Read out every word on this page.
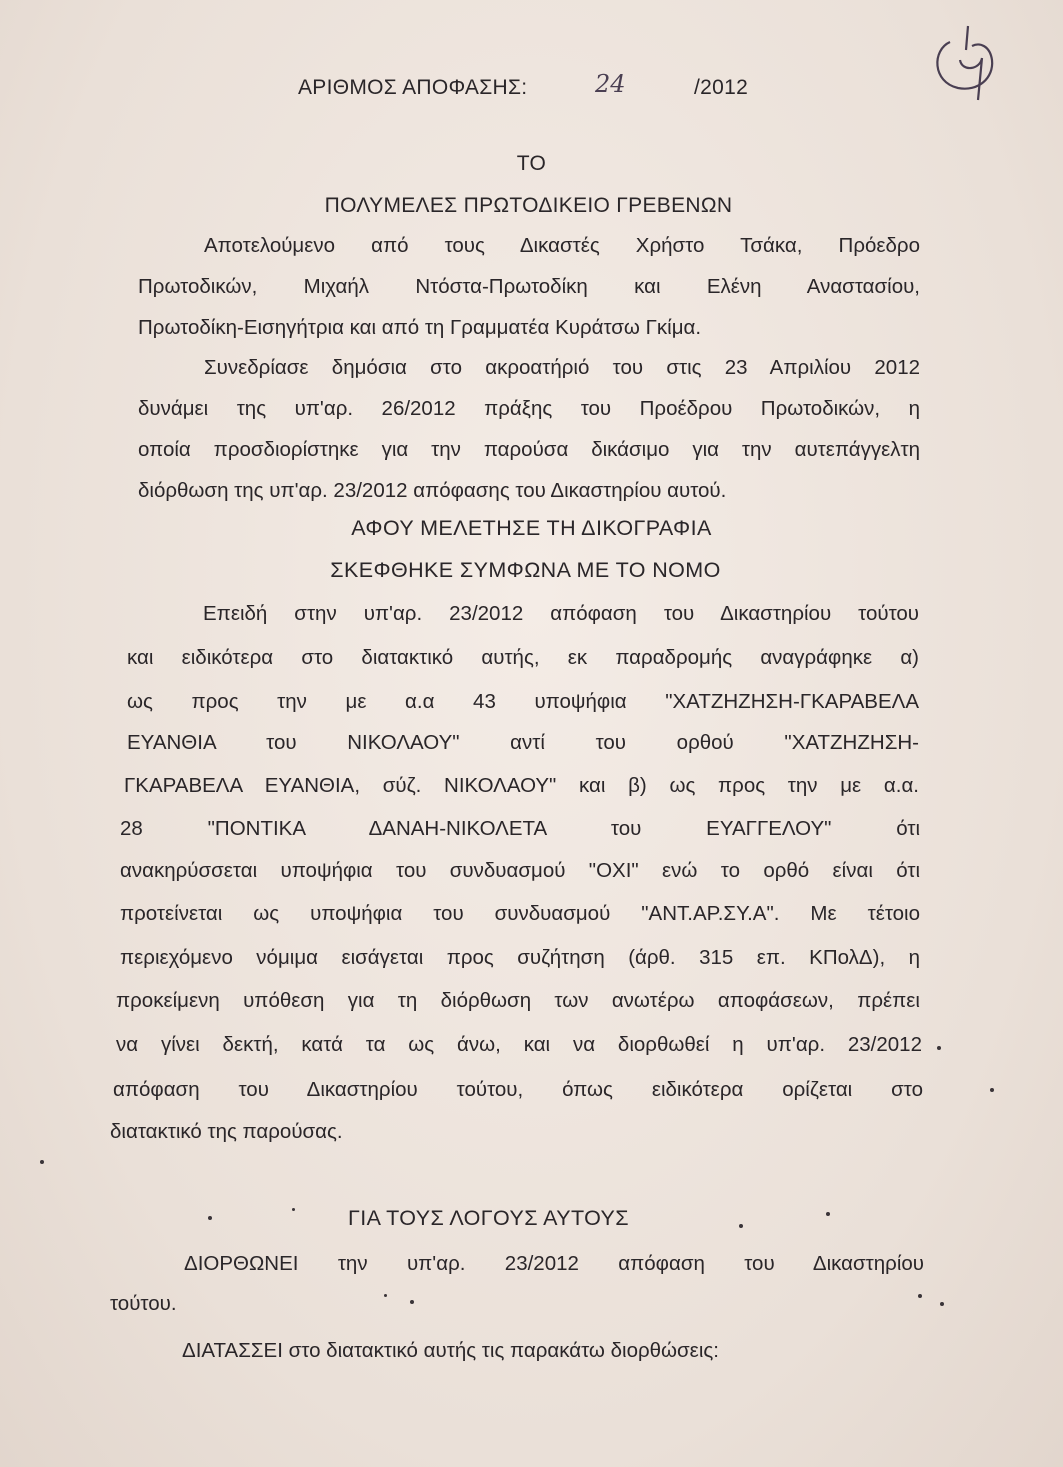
ΑΡΙΘΜΟΣ ΑΠΟΦΑΣΗΣ:	24	/2012
ΤΟ
ΠΟΛΥΜΕΛΕΣ ΠΡΩΤΟΔΙΚΕΙΟ ΓΡΕΒΕΝΩΝ
Αποτελούμενο από τους Δικαστές Χρήστο Τσάκα, Πρόεδρο
Πρωτοδικών, Μιχαήλ Ντόστα-Πρωτοδίκη και Ελένη Αναστασίου,
Πρωτοδίκη-Εισηγήτρια και από τη Γραμματέα Κυράτσω Γκίμα.
Συνεδρίασε δημόσια στο ακροατήριό του στις 23 Απριλίου 2012
δυνάμει της υπ'αρ. 26/2012 πράξης του Προέδρου Πρωτοδικών, η
οποία προσδιορίστηκε για την παρούσα δικάσιμο για την αυτεπάγγελτη
διόρθωση της υπ'αρ. 23/2012 απόφασης του Δικαστηρίου αυτού.
ΑΦΟΥ ΜΕΛΕΤΗΣΕ ΤΗ ΔΙΚΟΓΡΑΦΙΑ
ΣΚΕΦΘΗΚΕ ΣΥΜΦΩΝΑ ΜΕ ΤΟ ΝΟΜΟ
Επειδή στην υπ'αρ. 23/2012 απόφαση του Δικαστηρίου τούτου
και ειδικότερα στο διατακτικό αυτής, εκ παραδρομής αναγράφηκε α)
ως προς την με α.α 43 υποψήφια "ΧΑΤΖΗΖΗΣΗ-ΓΚΑΡΑΒΕΛΑ
ΕΥΑΝΘΙΑ του ΝΙΚΟΛΑΟΥ" αντί του ορθού "ΧΑΤΖΗΖΗΣΗ-
ΓΚΑΡΑΒΕΛΑ ΕΥΑΝΘΙΑ, σύζ. ΝΙΚΟΛΑΟΥ" και β) ως προς την με α.α.
28 "ΠΟΝΤΙΚΑ ΔΑΝΑΗ-ΝΙΚΟΛΕΤΑ του ΕΥΑΓΓΕΛΟΥ" ότι
ανακηρύσσεται υποψήφια του συνδυασμού "ΟΧΙ" ενώ το ορθό είναι ότι
προτείνεται ως υποψήφια του συνδυασμού "ΑΝΤ.ΑΡ.ΣΥ.Α". Με τέτοιο
περιεχόμενο νόμιμα εισάγεται προς συζήτηση (άρθ. 315 επ. ΚΠολΔ), η
προκείμενη υπόθεση για τη διόρθωση των ανωτέρω αποφάσεων, πρέπει
να γίνει δεκτή, κατά τα ως άνω, και να διορθωθεί η υπ'αρ. 23/2012
απόφαση του Δικαστηρίου τούτου, όπως ειδικότερα ορίζεται στο
διατακτικό της παρούσας.
ΓΙΑ ΤΟΥΣ ΛΟΓΟΥΣ ΑΥΤΟΥΣ
ΔΙΟΡΘΩΝΕΙ την υπ'αρ. 23/2012 απόφαση του Δικαστηρίου
τούτου.
ΔΙΑΤΑΣΣΕΙ στο διατακτικό αυτής τις παρακάτω διορθώσεις:
